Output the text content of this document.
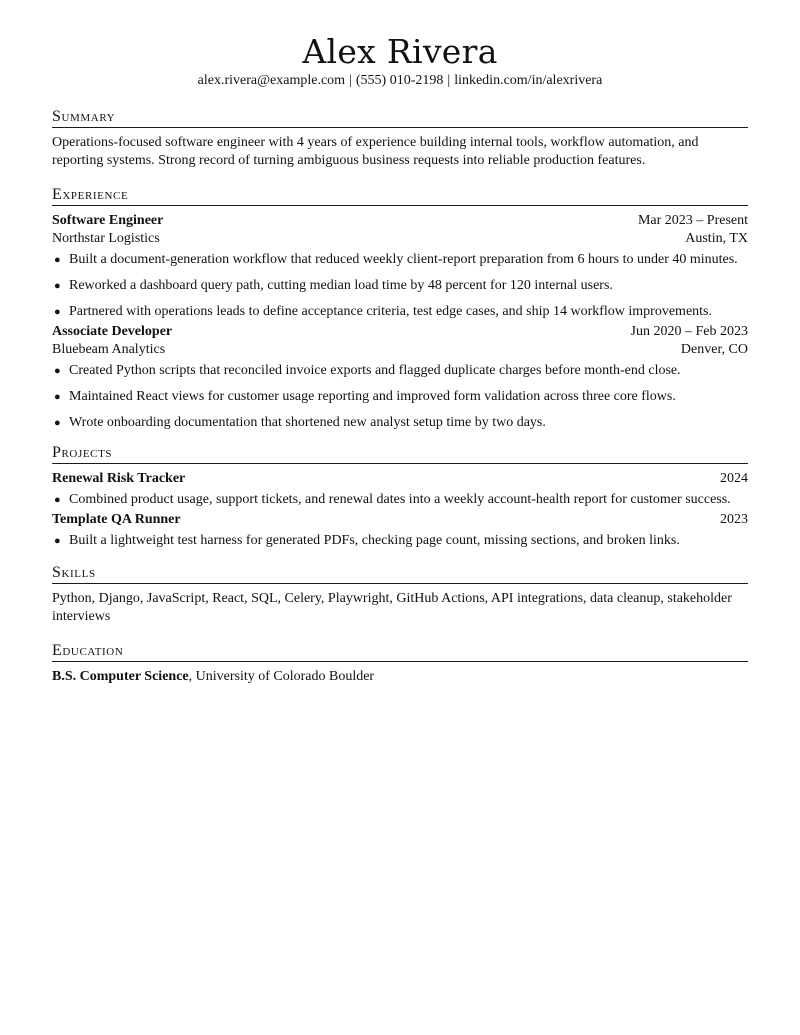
Alex Rivera
alex.rivera@example.com | (555) 010-2198 | linkedin.com/in/alexrivera
Summary

Operations-focused software engineer with 4 years of experience building internal tools, workflow automation, and reporting systems. Strong record of turning ambiguous business requests into reliable production features.

Experience
Software Engineer	Mar 2023 – Present
Northstar Logistics	Austin, TX
● Built a document-generation workflow that reduced weekly client-report preparation from 6 hours to under 40 minutes.
● Reworked a dashboard query path, cutting median load time by 48 percent for 120 internal users.
● Partnered with operations leads to define acceptance criteria, test edge cases, and ship 14 workflow improvements.
Associate Developer	Jun 2020 – Feb 2023
Bluebeam Analytics	Denver, CO
● Created Python scripts that reconciled invoice exports and flagged duplicate charges before month-end close.
● Maintained React views for customer usage reporting and improved form validation across three core flows.
● Wrote onboarding documentation that shortened new analyst setup time by two days.
Projects
Renewal Risk Tracker	2024
● Combined product usage, support tickets, and renewal dates into a weekly account-health report for customer success.
Template QA Runner	2023
● Built a lightweight test harness for generated PDFs, checking page count, missing sections, and broken links.
Skills

Python, Django, JavaScript, React, SQL, Celery, Playwright, GitHub Actions, API integrations, data cleanup, stakeholder interviews

Education

B.S. Computer Science, University of Colorado Boulder
